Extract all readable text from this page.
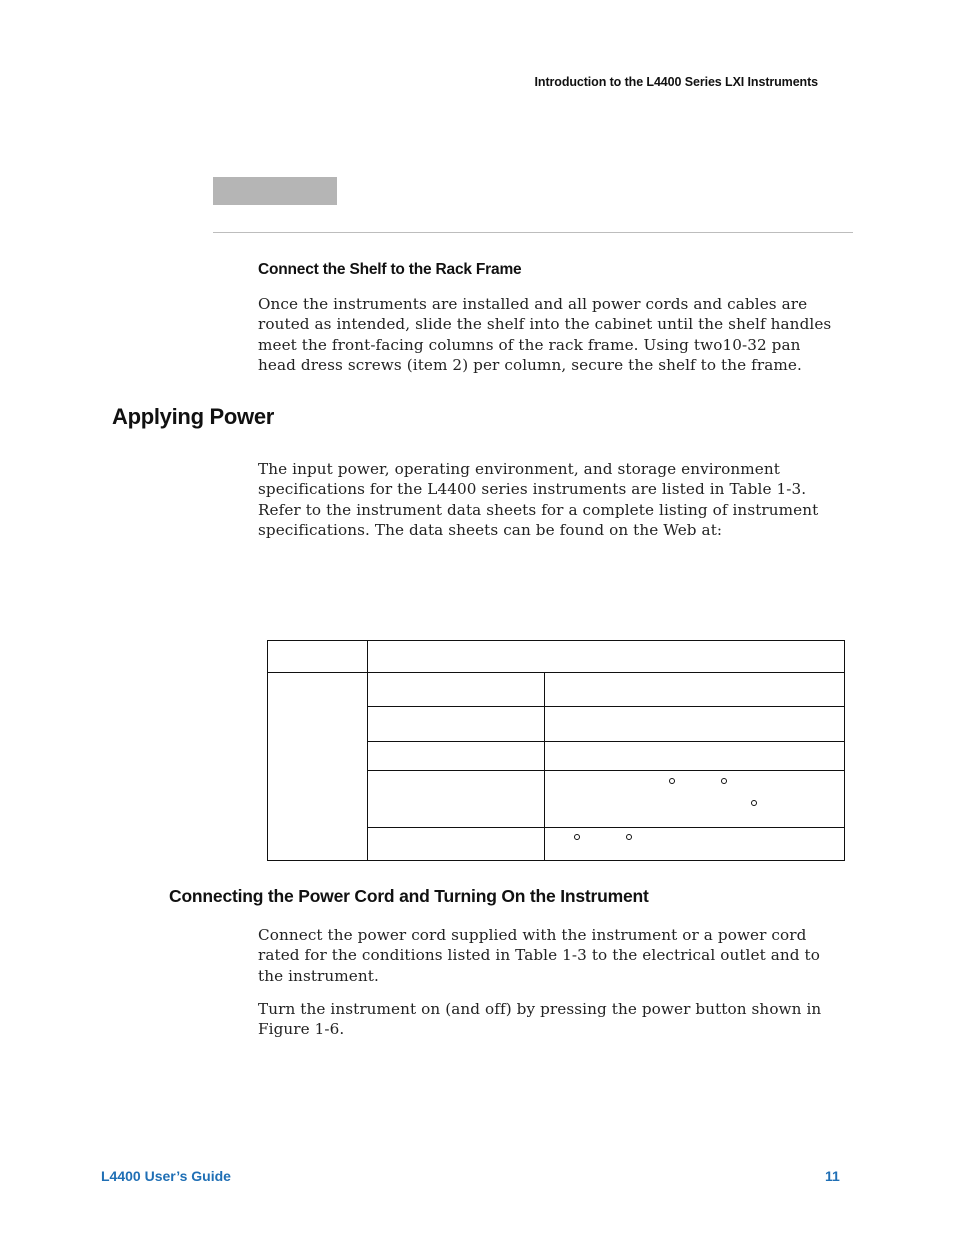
Introduction to the L4400 Series LXI Instruments
Connect the Shelf to the Rack Frame
Once the instruments are installed and all power cords and cables are
routed as intended, slide the shelf into the cabinet until the shelf handles
meet the front-facing columns of the rack frame. Using two10-32 pan
head dress screws (item 2) per column, secure the shelf to the frame.
Applying Power
The input power, operating environment, and storage environment
specifications for the L4400 series instruments are listed in Table 1-3.
Refer to the instrument data sheets for a complete listing of instrument
specifications. The data sheets can be found on the Web at:
Connecting the Power Cord and Turning On the Instrument
Connect the power cord supplied with the instrument or a power cord
rated for the conditions listed in Table 1-3 to the electrical outlet and to
the instrument.
Turn the instrument on (and off) by pressing the power button shown in
Figure 1-6.
L4400 User’s Guide	11
